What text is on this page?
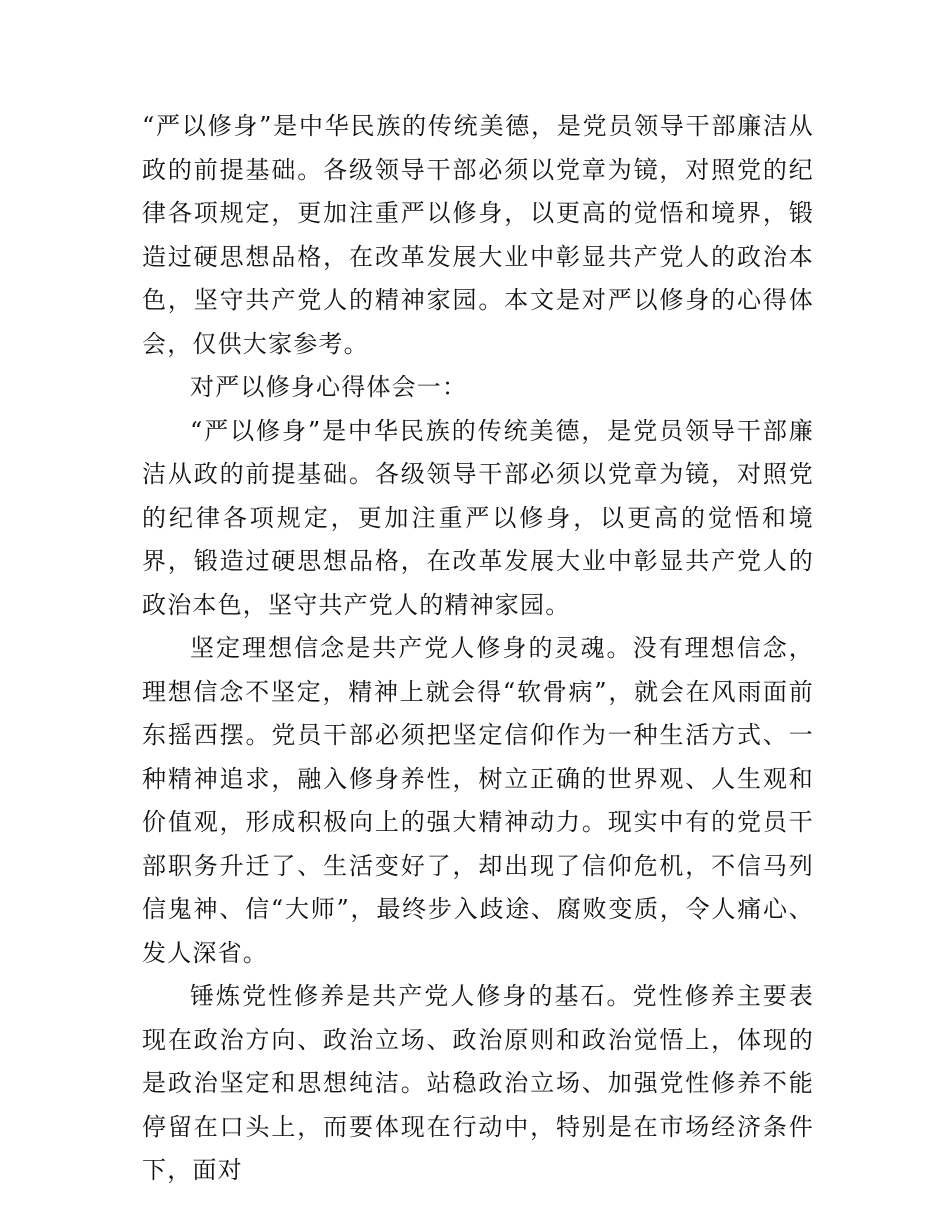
“严以修身”是中华民族的传统美德，是党员领导干部廉洁从政的前提基础。各级领导干部必须以党章为镜，对照党的纪律各项规定，更加注重严以修身，以更高的觉悟和境界，锻造过硬思想品格，在改革发展大业中彰显共产党人的政治本色，坚守共产党人的精神家园。本文是对严以修身的心得体会，仅供大家参考。

对严以修身心得体会一：

“严以修身”是中华民族的传统美德，是党员领导干部廉洁从政的前提基础。各级领导干部必须以党章为镜，对照党的纪律各项规定，更加注重严以修身，以更高的觉悟和境界，锻造过硬思想品格，在改革发展大业中彰显共产党人的政治本色，坚守共产党人的精神家园。

坚定理想信念是共产党人修身的灵魂。没有理想信念，理想信念不坚定，精神上就会得“软骨病”，就会在风雨面前东摇西摆。党员干部必须把坚定信仰作为一种生活方式、一种精神追求，融入修身养性，树立正确的世界观、人生观和价值观，形成积极向上的强大精神动力。现实中有的党员干部职务升迁了、生活变好了，却出现了信仰危机，不信马列信鬼神、信“大师”，最终步入歧途、腐败变质，令人痛心、发人深省。

锤炼党性修养是共产党人修身的基石。党性修养主要表现在政治方向、政治立场、政治原则和政治觉悟上，体现的是政治坚定和思想纯洁。站稳政治立场、加强党性修养不能停留在口头上，而要体现在行动中，特别是在市场经济条件下，面对
